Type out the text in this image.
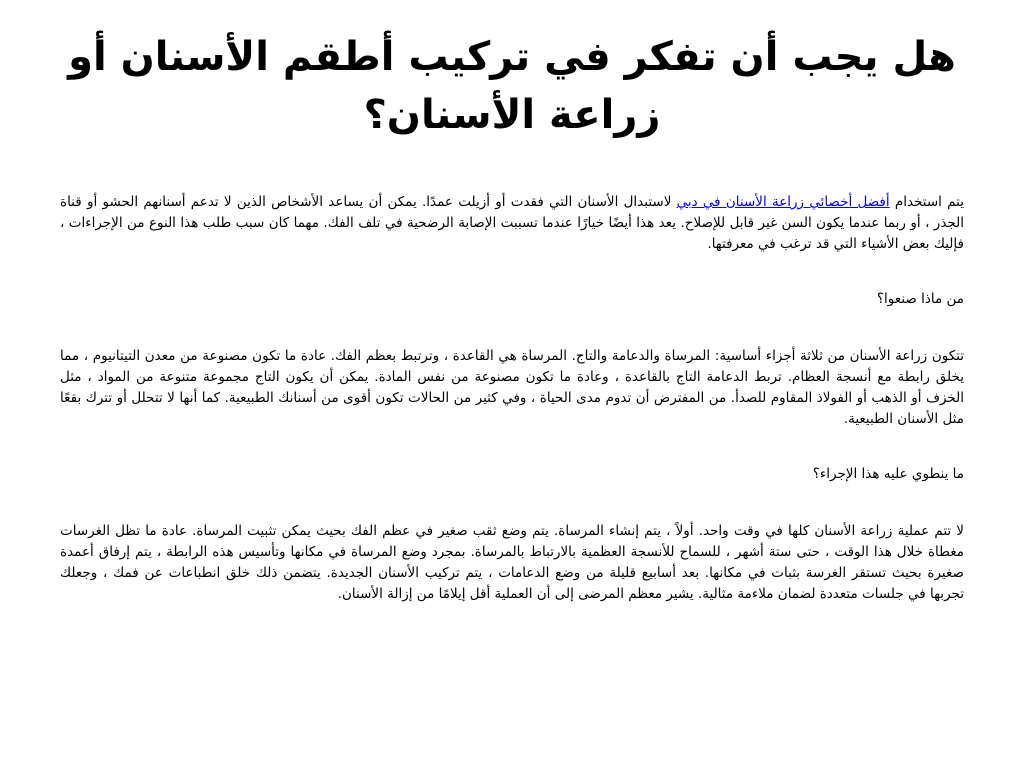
هل يجب أن تفكر في تركيب أطقم الأسنان أو
زراعة الأسنان؟

يتم استخدام أفضل أخصائي زراعة الأسنان في دبي لاستبدال الأسنان التي فقدت أو أزيلت عمدًا. يمكن أن يساعد الأشخاص الذين لا تدعم أسنانهم الحشو أو قناة الجذر ، أو ربما عندما يكون السن غير قابل للإصلاح. يعد هذا أيضًا خيارًا عندما تسببت الإصابة الرضحية في تلف الفك. مهما كان سبب طلب هذا النوع من الإجراءات ، فإليك بعض الأشياء التي قد ترغب في معرفتها.

من ماذا صنعوا؟

تتكون زراعة الأسنان من ثلاثة أجزاء أساسية: المرساة والدعامة والتاج. المرساة هي القاعدة ، وترتبط بعظم الفك. عادة ما تكون مصنوعة من معدن التيتانيوم ، مما يخلق رابطة مع أنسجة العظام. تربط الدعامة التاج بالقاعدة ، وعادة ما تكون مصنوعة من نفس المادة. يمكن أن يكون التاج مجموعة متنوعة من المواد ، مثل الخزف أو الذهب أو الفولاذ المقاوم للصدأ. من المفترض أن تدوم مدى الحياة ، وفي كثير من الحالات تكون أقوى من أسنانك الطبيعية. كما أنها لا تتحلل أو تترك بقعًا مثل الأسنان الطبيعية.

ما ينطوي عليه هذا الإجراء؟

لا تتم عملية زراعة الأسنان كلها في وقت واحد. أولاً ، يتم إنشاء المرساة. يتم وضع ثقب صغير في عظم الفك بحيث يمكن تثبيت المرساة. عادة ما تظل الغرسات مغطاة خلال هذا الوقت ، حتى ستة أشهر ، للسماح للأنسجة العظمية بالارتباط بالمرساة. بمجرد وضع المرساة في مكانها وتأسيس هذه الرابطة ، يتم إرفاق أعمدة صغيرة بحيث تستقر الغرسة بثبات في مكانها. بعد أسابيع قليلة من وضع الدعامات ، يتم تركيب الأسنان الجديدة. يتضمن ذلك خلق انطباعات عن فمك ، وجعلك تجربها في جلسات متعددة لضمان ملاءمة مثالية. يشير معظم المرضى إلى أن العملية أقل إيلامًا من إزالة الأسنان.
